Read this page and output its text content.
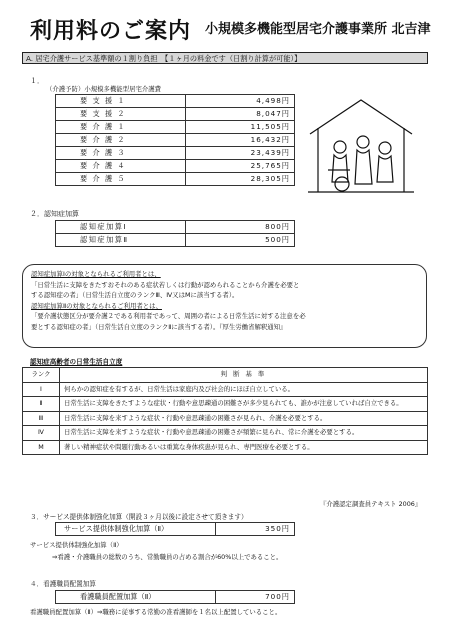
利用料のご案内 小規模多機能型居宅介護事業所 北吉津
A. 居宅介護サービス基準額の１割り負担　【１ヶ月の料金です（日割り計算が可能）】
１．
（介護予防）小規模多機能型居宅介護費
要 支 援 １	4,498円
要 支 援 ２	8,047円
要 介 護 １	11,505円
要 介 護 ２	16,432円
要 介 護 ３	23,439円
要 介 護 ４	25,765円
要 介 護 ５	28,305円
２．認知症加算
認知症加算Ⅰ	800円
認知症加算Ⅱ	500円

認知症加算Ⅰの対象となられるご利用者とは、

「日常生活に支障をきたすおそれのある症状若しくは行動が認められることから介護を必要と

する認知症の者」（日常生活自立度のランクⅢ、Ⅳ又はMに該当する者）。

認知症加算Ⅱの対象となられるご利用者とは、

「要介護状態区分が要介護２である利用者であって、周囲の者による日常生活に対する注意を必

要とする認知症の者」（日常生活自立度のランクⅡに該当する者）。『厚生労働省解釈通知』

認知症高齢者の日常生活自立度
ランク	判 断 基 準
Ⅰ	何らかの認知症を有するが、日常生活は家庭内及び社会的にほぼ自立している。
Ⅱ	日常生活に支障をきたすような症状・行動や意思疎通の困難さが多少見られても、誰かが注意していれば自立できる。
Ⅲ	日常生活に支障を来すような症状・行動や意思疎通の困難さが見られ、介護を必要とする。
Ⅳ	日常生活に支障を来すような症状・行動や意思疎通の困難さが頻繁に見られ、常に介護を必要とする。
M	著しい精神症状や問題行動あるいは重篤な身体疾患が見られ、専門医療を必要とする。
『介護認定調査員テキスト 2006』
３．サービス提供体制強化加算（開設３ヶ月以後に設定させて頂きます）
サービス提供体制強化加算（Ⅱ）	350円
サービス提供体制強化加算（Ⅱ）
⇒看護・介護職員の総数のうち、常勤職員の占める割合が60%以上であること。
４．看護職員配置加算
看護職員配置加算（Ⅱ）	700円
看護職員配置加算（Ⅱ）⇒職務に従事する常勤の准看護師を１名以上配置していること。
